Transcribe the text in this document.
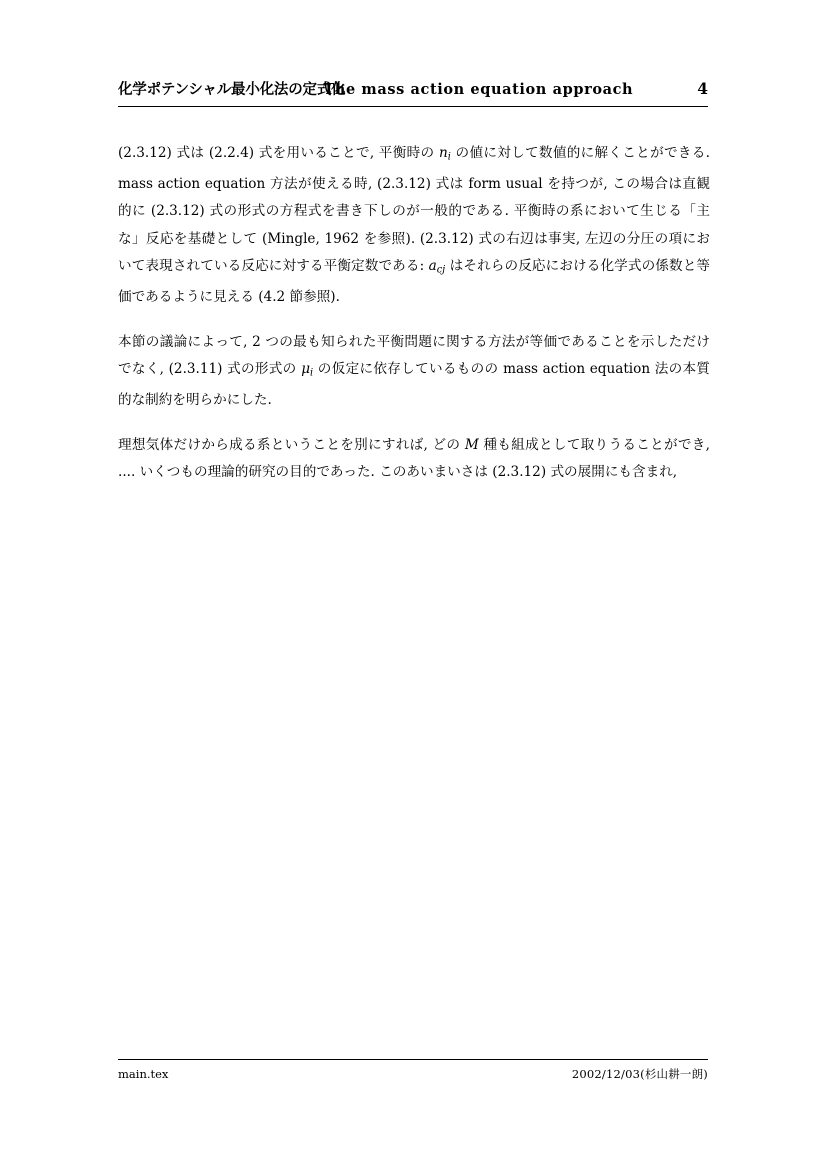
化学ポテンシャル最小化法の定式化
The mass action equation approach	4

(2.3.12) 式は (2.2.4) 式を用いることで, 平衡時の $n_i$ の値に対して数値的に解くことができる. mass action equation 方法が使える時, (2.3.12) 式は form usual を持つが, この場合は直観的に (2.3.12) 式の形式の方程式を書き下しのが一般的である. 平衡時の系において生じる「主な」反応を基礎として (Mingle, 1962 を参照). (2.3.12) 式の右辺は事実, 左辺の分圧の項において表現されている反応に対する平衡定数である: $a_{cj}$ はそれらの反応における化学式の係数と等価であるように見える (4.2 節参照).

本節の議論によって, 2 つの最も知られた平衡問題に関する方法が等価であることを示しただけでなく, (2.3.11) 式の形式の $\mu_i$ の仮定に依存しているものの mass action equation 法の本質的な制約を明らかにした.

理想気体だけから成る系ということを別にすれば, どの M 種も組成として取りうることができ, .... いくつもの理論的研究の目的であった. このあいまいさは (2.3.12) 式の展開にも含まれ,

main.tex	2002/12/03(杉山耕一朗)
